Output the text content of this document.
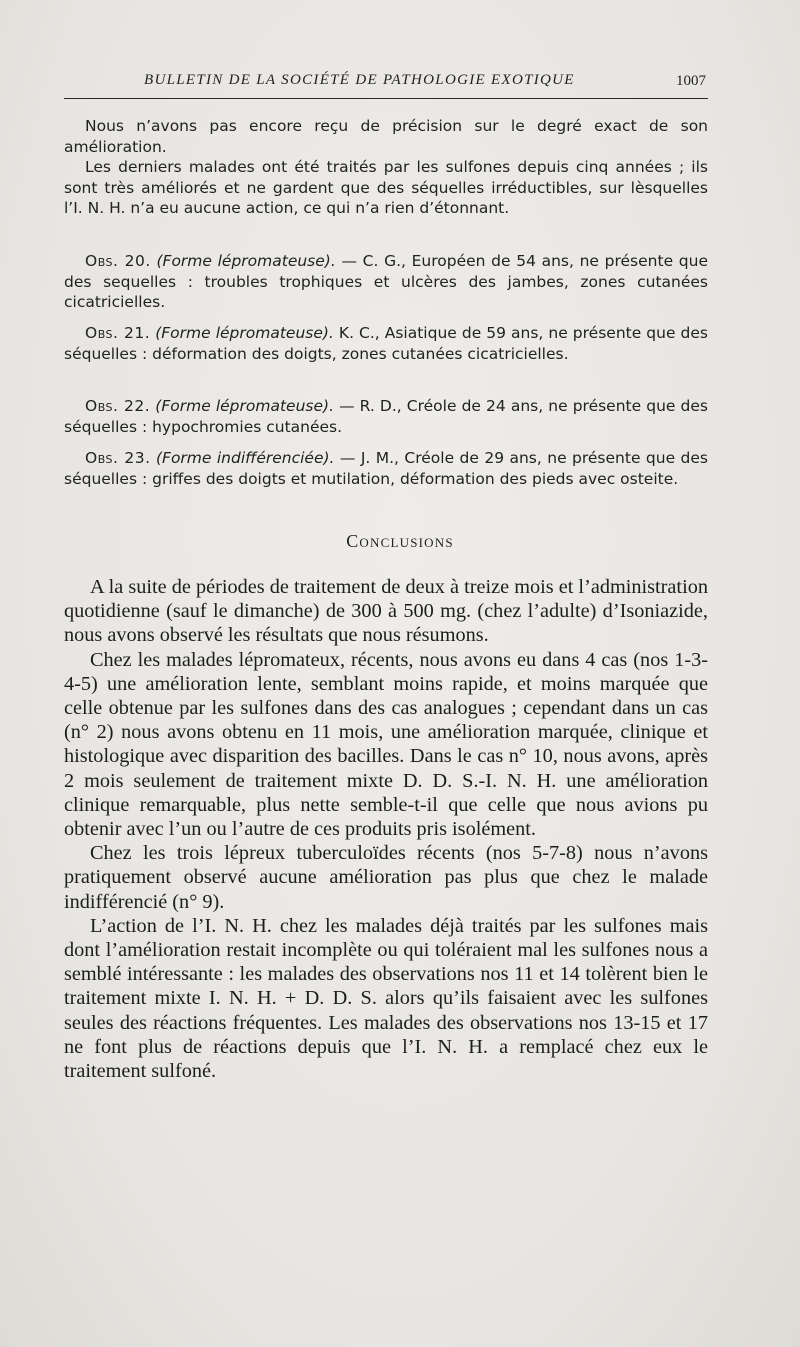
BULLETIN DE LA SOCIÉTÉ DE PATHOLOGIE EXOTIQUE	1007

Nous n’avons pas encore reçu de précision sur le degré exact de son amélioration.

Les derniers malades ont été traités par les sulfones depuis cinq années ; ils sont très améliorés et ne gardent que des séquelles irréductibles, sur lèsquelles l’I. N. H. n’a eu aucune action, ce qui n’a rien d’étonnant.

Obs. 20. (Forme lépromateuse). — C. G., Européen de 54 ans, ne présente que des sequelles : troubles trophiques et ulcères des jambes, zones cutanées cicatricielles.

Obs. 21. (Forme lépromateuse). K. C., Asiatique de 59 ans, ne présente que des séquelles : déformation des doigts, zones cutanées cicatricielles.

Obs. 22. (Forme lépromateuse). — R. D., Créole de 24 ans, ne présente que des séquelles : hypochromies cutanées.

Obs. 23. (Forme indifférenciée). — J. M., Créole de 29 ans, ne présente que des séquelles : griffes des doigts et mutilation, déformation des pieds avec osteite.

Conclusions

A la suite de périodes de traitement de deux à treize mois et l’administration quotidienne (sauf le dimanche) de 300 à 500 mg. (chez l’adulte) d’Isoniazide, nous avons observé les résultats que nous résumons.

Chez les malades lépromateux, récents, nous avons eu dans 4 cas (nos 1-3-4-5) une amélioration lente, semblant moins rapide, et moins marquée que celle obtenue par les sulfones dans des cas analogues ; cependant dans un cas (n° 2) nous avons obtenu en 11 mois, une amélioration marquée, clinique et histologique avec disparition des bacilles. Dans le cas n° 10, nous avons, après 2 mois seulement de traitement mixte D. D. S.-I. N. H. une amélioration clinique remarquable, plus nette semble-t-il que celle que nous avions pu obtenir avec l’un ou l’autre de ces produits pris isolément.

Chez les trois lépreux tuberculoïdes récents (nos 5-7-8) nous n’avons pratiquement observé aucune amélioration pas plus que chez le malade indifférencié (n° 9).

L’action de l’I. N. H. chez les malades déjà traités par les sulfones mais dont l’amélioration restait incomplète ou qui toléraient mal les sulfones nous a semblé intéressante : les malades des observations nos 11 et 14 tolèrent bien le traitement mixte I. N. H. + D. D. S. alors qu’ils faisaient avec les sulfones seules des réactions fréquentes. Les malades des observations nos 13-15 et 17 ne font plus de réactions depuis que l’I. N. H. a remplacé chez eux le traitement sulfoné.
